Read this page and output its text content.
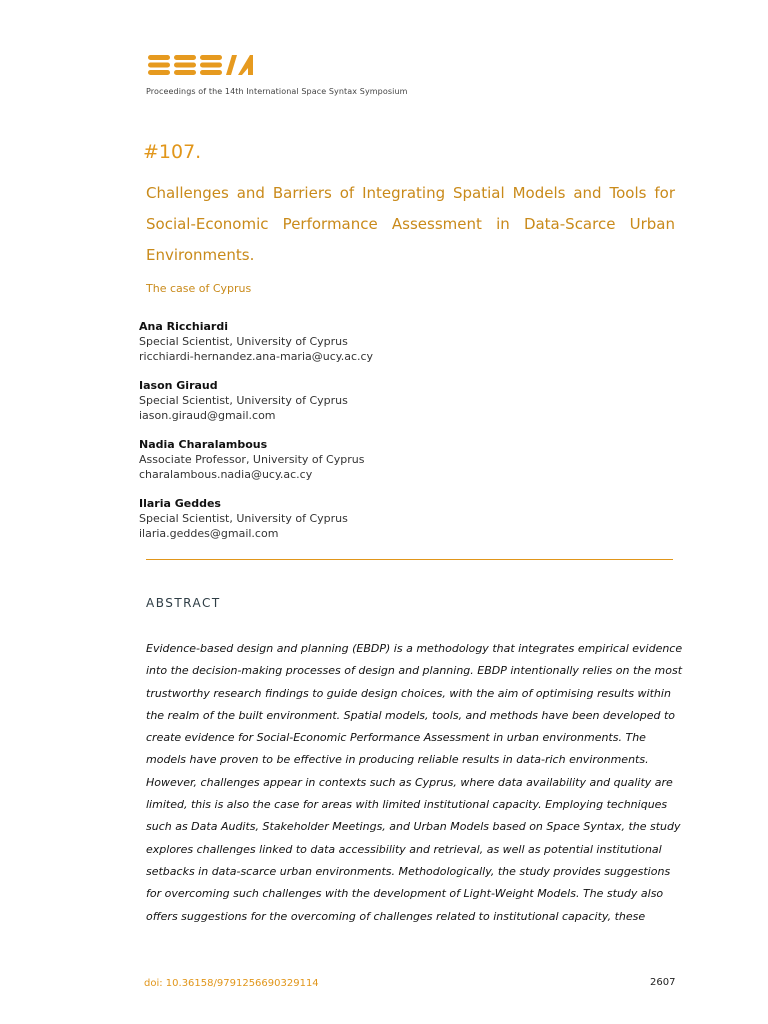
Proceedings of the 14th International Space Syntax Symposium
#107.
Challenges and Barriers of Integrating Spatial Models and Tools for
Social-Economic Performance Assessment in Data-Scarce Urban
Environments.
The case of Cyprus
Ana Ricchiardi
Special Scientist, University of Cyprus
ricchiardi-hernandez.ana-maria@ucy.ac.cy
Iason Giraud
Special Scientist, University of Cyprus
iason.giraud@gmail.com
Nadia Charalambous
Associate Professor, University of Cyprus
charalambous.nadia@ucy.ac.cy
Ilaria Geddes
Special Scientist, University of Cyprus
ilaria.geddes@gmail.com
ABSTRACT
Evidence-based design and planning (EBDP) is a methodology that integrates empirical evidence
into the decision-making processes of design and planning. EBDP intentionally relies on the most
trustworthy research findings to guide design choices, with the aim of optimising results within
the realm of the built environment. Spatial models, tools, and methods have been developed to
create evidence for Social-Economic Performance Assessment in urban environments. The
models have proven to be effective in producing reliable results in data-rich environments.
However, challenges appear in contexts such as Cyprus, where data availability and quality are
limited, this is also the case for areas with limited institutional capacity. Employing techniques
such as Data Audits, Stakeholder Meetings, and Urban Models based on Space Syntax, the study
explores challenges linked to data accessibility and retrieval, as well as potential institutional
setbacks in data-scarce urban environments. Methodologically, the study provides suggestions
for overcoming such challenges with the development of Light-Weight Models. The study also
offers suggestions for the overcoming of challenges related to institutional capacity, these
doi: 10.36158/9791256690329114	2607
